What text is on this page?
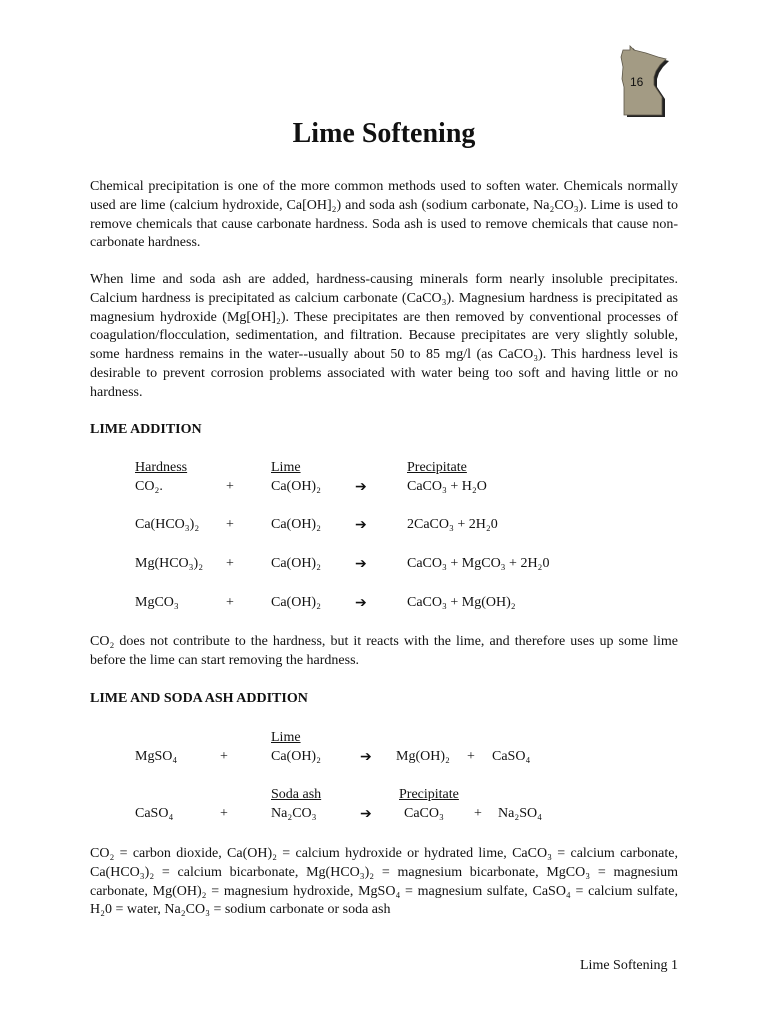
16
Lime Softening
Chemical precipitation is one of the more common methods used to soften water. Chemicals normally used are lime (calcium hydroxide, Ca[OH]₂) and soda ash (sodium carbonate, Na₂CO₃). Lime is used to remove chemicals that cause carbonate hardness. Soda ash is used to remove chemicals that cause non-carbonate hardness.
When lime and soda ash are added, hardness-causing minerals form nearly insoluble precipitates. Calcium hardness is precipitated as calcium carbonate (CaCO₃). Magnesium hardness is precipitated as magnesium hydroxide (Mg[OH]₂). These precipitates are then removed by conventional processes of coagulation/flocculation, sedimentation, and filtration. Because precipitates are very slightly soluble, some hardness remains in the water--usually about 50 to 85 mg/l (as CaCO₃). This hardness level is desirable to prevent corrosion problems associated with water being too soft and having little or no hardness.
LIME ADDITION
Hardness	Lime	Precipitate
CO₂.	+	Ca(OH)₂ ➔	CaCO₃ + H₂O
Ca(HCO₃)₂ +	Ca(OH)₂ ➔	2CaCO₃ + 2H₂0
Mg(HCO₃)₂ +	Ca(OH)₂ ➔	CaCO₃ + MgCO₃ + 2H₂0
MgCO₃	+	Ca(OH)₂ ➔	CaCO₃ + Mg(OH)₂
CO₂ does not contribute to the hardness, but it reacts with the lime, and therefore uses up some lime before the lime can start removing the hardness.
LIME AND SODA ASH ADDITION
Lime
MgSO₄	+	Ca(OH)₂	➔ Mg(OH)₂ + CaSO₄
Soda ash	Precipitate
CaSO₄	+	Na₂CO₃	➔ CaCO₃ + Na₂SO₄
CO₂ = carbon dioxide, Ca(OH)₂ = calcium hydroxide or hydrated lime, CaCO₃ = calcium carbonate, Ca(HCO₃)₂ = calcium bicarbonate, Mg(HCO₃)₂ = magnesium bicarbonate, MgCO₃ = magnesium carbonate, Mg(OH)₂ = magnesium hydroxide, MgSO₄ = magnesium sulfate, CaSO₄ = calcium sulfate, H₂0 = water, Na₂CO₃ = sodium carbonate or soda ash
Lime Softening 1
